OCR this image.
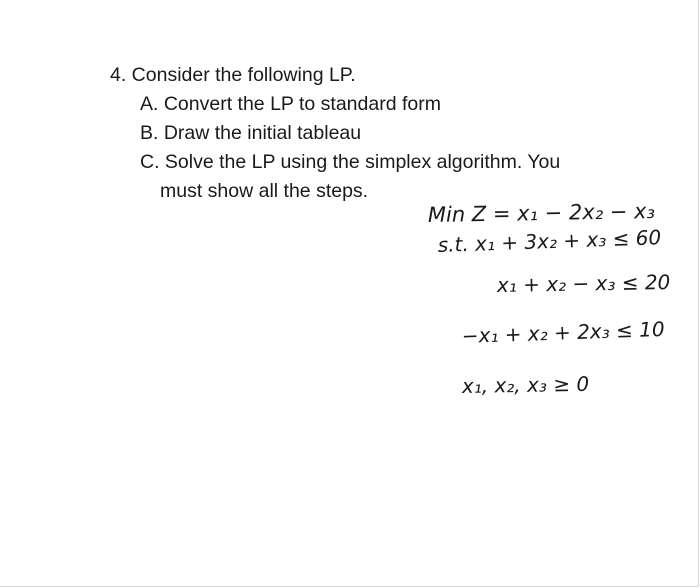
4. Consider the following LP.
A. Convert the LP to standard form
B. Draw the initial tableau
C. Solve the LP using the simplex algorithm. You
must show all the steps.
Min Z = x₁ − 2x₂ − x₃
s.t. x₁ + 3x₂ + x₃ ≤ 60
x₁ + x₂ − x₃ ≤ 20
−x₁ + x₂ + 2x₃ ≤ 10
x₁, x₂, x₃ ≥ 0
